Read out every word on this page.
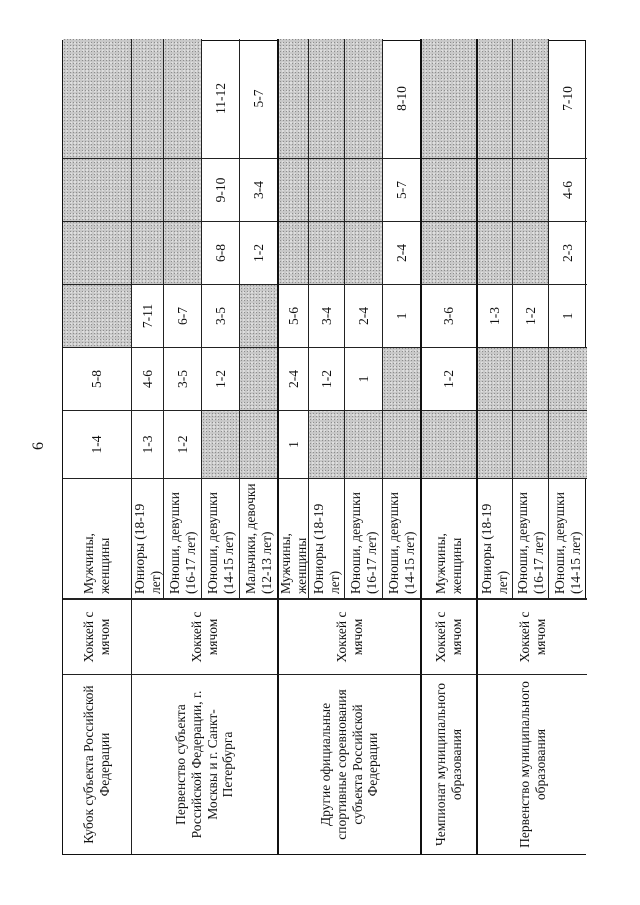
6
Мужчины, женщины
1-4
5-8
Юниоры (18-19 лет)
1-3
4-6
7-11
Юноши, девушки (16-17 лет)
1-2
3-5
6-7
Юноши, девушки (14-15 лет)
1-2
3-5
6-8
9-10
11-12
Мальчики, девочки (12-13 лет)
1-2
3-4
5-7
Мужчины, женщины
1
2-4
5-6
Юниоры (18-19 лет)
1-2
3-4
Юноши, девушки (16-17 лет)
1
2-4
Юноши, девушки (14-15 лет)
1
2-4
5-7
8-10
Мужчины, женщины
1-2
3-6
Юниоры (18-19 лет)
1-3
Юноши, девушки (16-17 лет)
1-2
Юноши, девушки (14-15 лет)
1
2-3
4-6
7-10
Кубок субъекта Российской Федерации
Хоккей с мячом
Первенство субъекта Российской Федерации, г. Москвы и г. Санкт-Петербурга
Хоккей с мячом
Другие официальные спортивные соревнования субъекта Российской Федерации
Хоккей с мячом
Чемпионат муниципального образования
Хоккей с мячом
Первенство муниципального образования
Хоккей с мячом
